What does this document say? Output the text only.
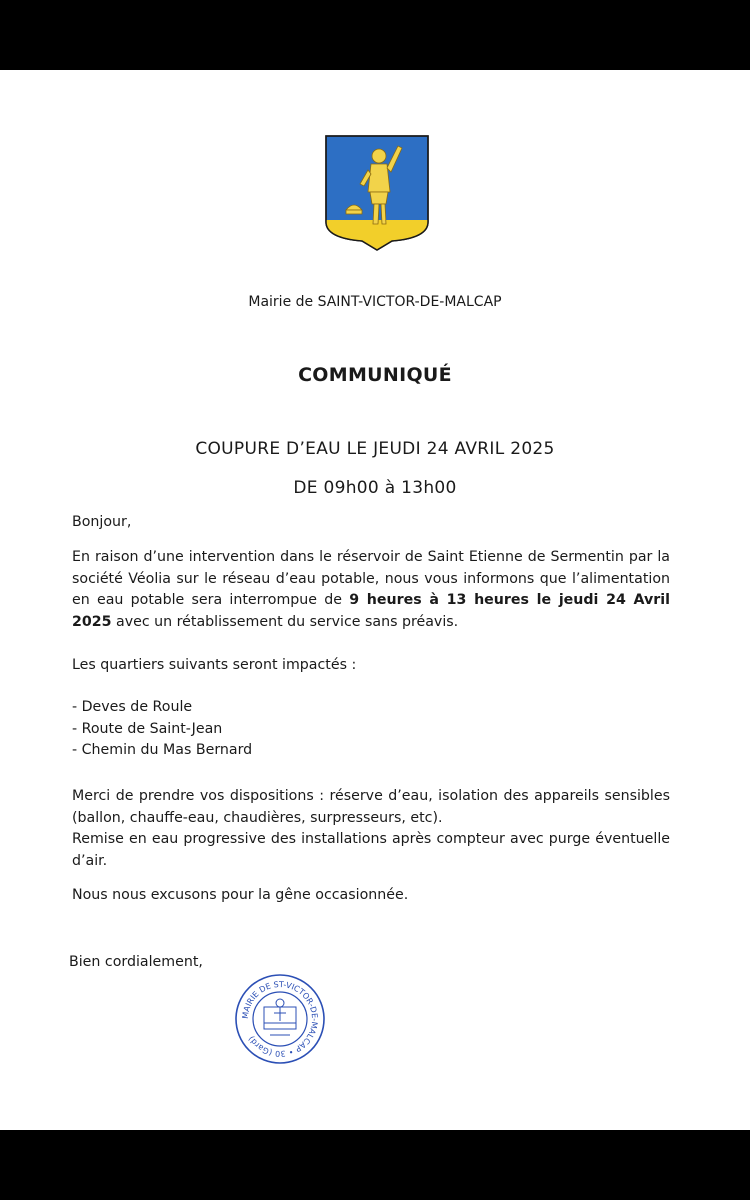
Mairie de SAINT-VICTOR-DE-MALCAP
COMMUNIQUÉ
COUPURE D’EAU LE JEUDI 24 AVRIL 2025
DE 09h00 à 13h00
Bonjour,
En raison d’une intervention dans le réservoir de Saint Etienne de Sermentin par la société Véolia sur le réseau d’eau potable, nous vous informons que l’alimentation en eau potable sera interrompue de 9 heures à 13 heures le jeudi 24 Avril 2025 avec un rétablissement du service sans préavis.
Les quartiers suivants seront impactés :
- Deves de Roule
- Route de Saint-Jean
- Chemin du Mas Bernard
Merci de prendre vos dispositions : réserve d’eau, isolation des appareils sensibles (ballon, chauffe-eau, chaudières, surpresseurs, etc).
Remise en eau progressive des installations après compteur avec purge éventuelle d’air.
Nous nous excusons pour la gêne occasionnée.
Bien cordialement,
MAIRIE DE ST-VICTOR-DE-MALCAP • 30 (Gard)
